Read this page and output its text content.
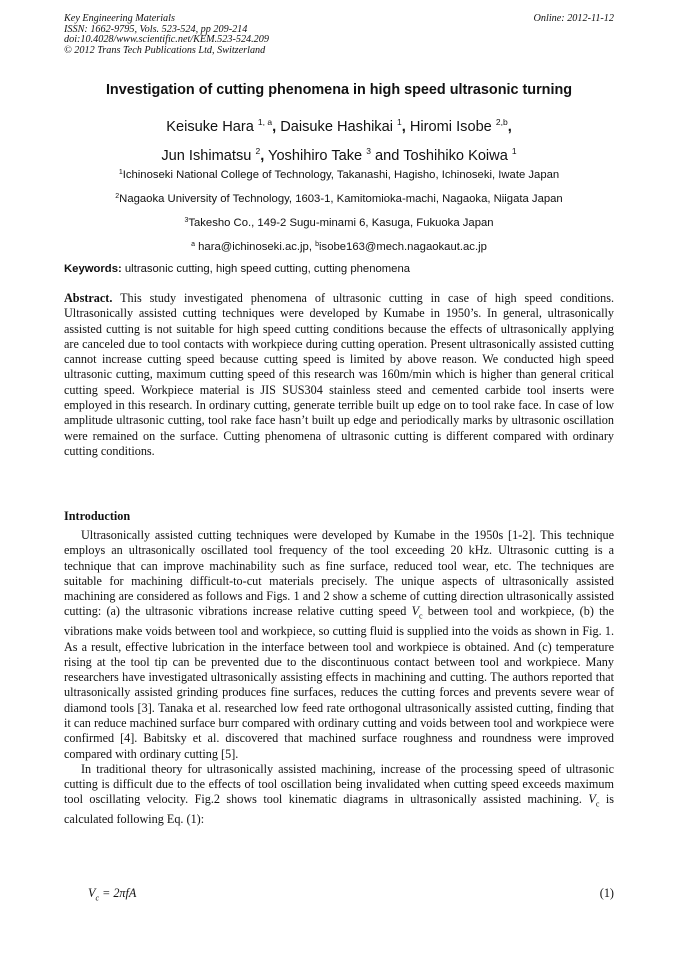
Key Engineering Materials
ISSN: 1662-9795, Vols. 523-524, pp 209-214
doi:10.4028/www.scientific.net/KEM.523-524.209
© 2012 Trans Tech Publications Ltd, Switzerland
Online: 2012-11-12
Investigation of cutting phenomena in high speed ultrasonic turning
Keisuke Hara $^{1, a}$, Daisuke Hashikai $^1$, Hiromi Isobe $^{2,b}$,
Jun Ishimatsu $^2$, Yoshihiro Take $^3$ and Toshihiko Koiwa $^1$
$^1$Ichinoseki National College of Technology, Takanashi, Hagisho, Ichinoseki, Iwate Japan
$^2$Nagaoka University of Technology, 1603-1, Kamitomioka-machi, Nagaoka, Niigata Japan
$^3$Takesho Co., 149-2 Sugu-minami 6, Kasuga, Fukuoka Japan
$^a$ hara@ichinoseki.ac.jp, $^b$isobe163@mech.nagaokaut.ac.jp
Keywords: ultrasonic cutting, high speed cutting, cutting phenomena
Abstract. This study investigated phenomena of ultrasonic cutting in case of high speed conditions. Ultrasonically assisted cutting techniques were developed by Kumabe in 1950’s. In general, ultrasonically assisted cutting is not suitable for high speed cutting conditions because the effects of ultrasonically applying are canceled due to tool contacts with workpiece during cutting operation. Present ultrasonically assisted cutting cannot increase cutting speed because cutting speed is limited by above reason. We conducted high speed ultrasonic cutting, maximum cutting speed of this research was 160m/min which is higher than general critical cutting speed. Workpiece material is JIS SUS304 stainless steed and cemented carbide tool inserts were employed in this research. In ordinary cutting, generate terrible built up edge on to tool rake face. In case of low amplitude ultrasonic cutting, tool rake face hasn’t built up edge and periodically marks by ultrasonic oscillation were remained on the surface. Cutting phenomena of ultrasonic cutting is different compared with ordinary cutting conditions.
Introduction

Ultrasonically assisted cutting techniques were developed by Kumabe in the 1950s [1-2]. This technique employs an ultrasonically oscillated tool frequency of the tool exceeding 20 kHz. Ultrasonic cutting is a technique that can improve machinability such as fine surface, reduced tool wear, etc. The techniques are suitable for machining difficult-to-cut materials precisely. The unique aspects of ultrasonically assisted machining are considered as follows and Figs. 1 and 2 show a scheme of cutting direction ultrasonically assisted cutting: (a) the ultrasonic vibrations increase relative cutting speed $V_c$ between tool and workpiece, (b) the vibrations make voids between tool and workpiece, so cutting fluid is supplied into the voids as shown in Fig. 1. As a result, effective lubrication in the interface between tool and workpiece is obtained. And (c) temperature rising at the tool tip can be prevented due to the discontinuous contact between tool and workpiece. Many researchers have investigated ultrasonically assisting effects in machining and cutting. The authors reported that ultrasonically assisted grinding produces fine surfaces, reduces the cutting forces and prevents severe wear of diamond tools [3]. Tanaka et al. researched low feed rate orthogonal ultrasonically assisted cutting, finding that it can reduce machined surface burr compared with ordinary cutting and voids between tool and workpiece were confirmed [4]. Babitsky et al. discovered that machined surface roughness and roundness were improved compared with ordinary cutting [5].

In traditional theory for ultrasonically assisted machining, increase of the processing speed of ultrasonic cutting is difficult due to the effects of tool oscillation being invalidated when cutting speed exceeds maximum tool oscillating velocity. Fig.2 shows tool kinematic diagrams in ultrasonically assisted machining. $V_c$ is calculated following Eq. (1):

$V_c = 2\pi fA$	(1)
